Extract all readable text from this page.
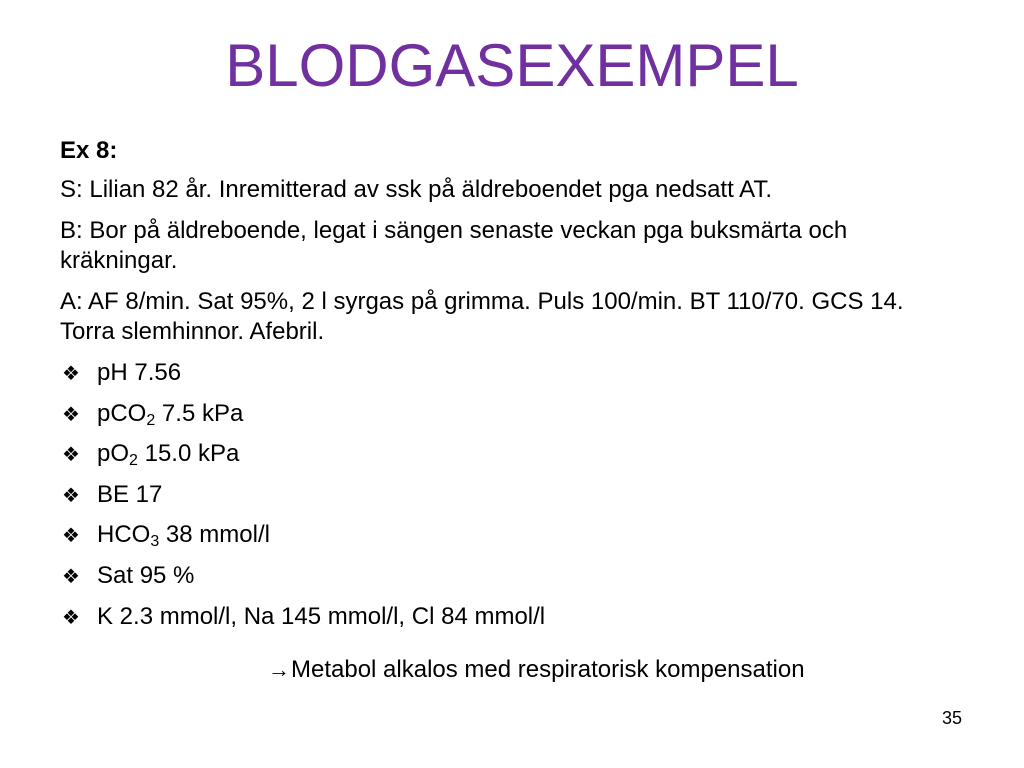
BLODGASEXEMPEL

Ex 8:

S: Lilian 82 år. Inremitterad av ssk på äldreboendet pga nedsatt AT.

B: Bor på äldreboende, legat i sängen senaste veckan pga buksmärta och kräkningar.

A: AF 8/min. Sat 95%, 2 l syrgas på grimma. Puls 100/min. BT 110/70. GCS 14. Torra slemhinnor. Afebril.

❖ pH 7.56
❖ pCO$_2$ 7.5 kPa
❖ $pO_2$ 15.0 kPa
❖ BE 17
❖ $HCO_3$ 38 mmol/l
❖ Sat 95 %
❖ K 2.3 mmol/l, Na 145 mmol/l, Cl 84 mmol/l
→Metabol alkalos med respiratorisk kompensation
35
